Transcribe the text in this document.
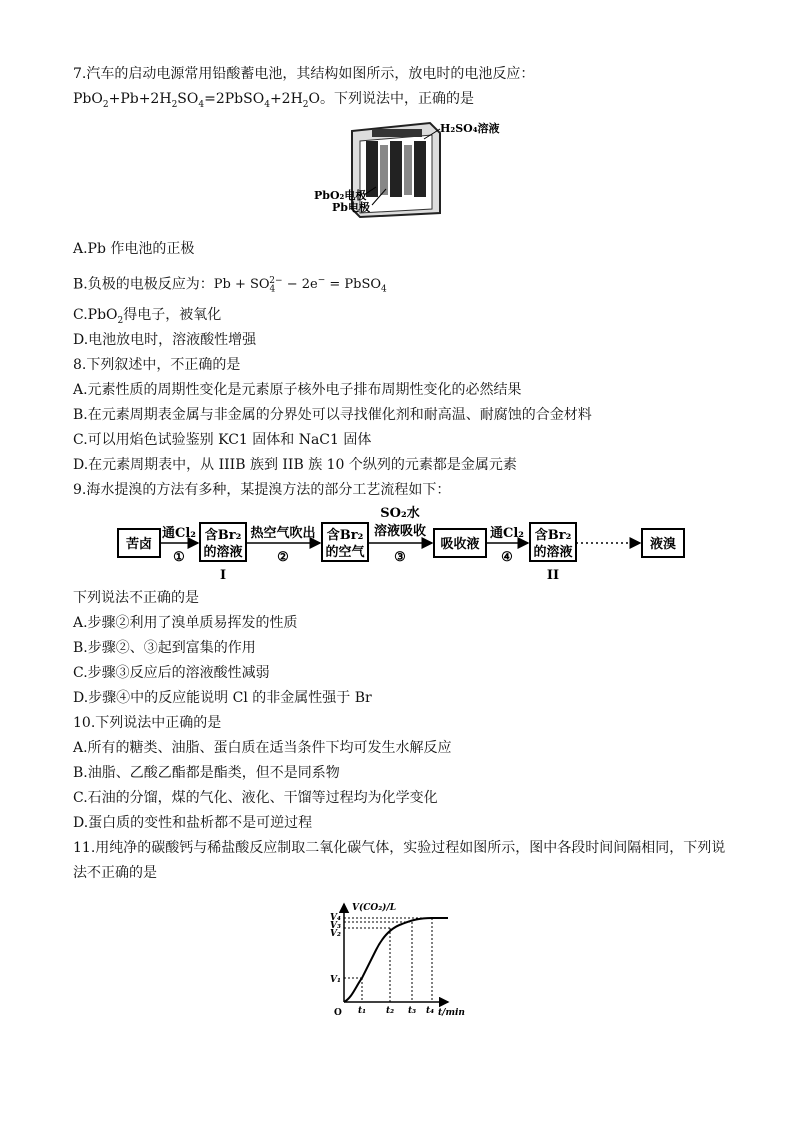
7.汽车的启动电源常用铅酸蓄电池，其结构如图所示，放电时的电池反应：
$PbO_2+Pb+2H_2SO_4=2PbSO_4+2H_2O$。下列说法中，正确的是
H₂SO₄溶液
PbO₂电极
Pb电极
A.Pb 作电池的正极
B.负极的电极反应为：$Pb + SO_4^{2-} - 2e^-$ = PbSO$_4$
C.PbO$_2$得电子，被氧化
D.电池放电时，溶液酸性增强
8.下列叙述中，不正确的是
A.元素性质的周期性变化是元素原子核外电子排布周期性变化的必然结果
B.在元素周期表金属与非金属的分界处可以寻找催化剂和耐高温、耐腐蚀的合金材料
C.可以用焰色试验鉴别 KC1 固体和 NaC1 固体
D.在元素周期表中，从 IIIB 族到 IIB 族 10 个纵列的元素都是金属元素
9.海水提溴的方法有多种，某提溴方法的部分工艺流程如下：
苦卤
通Cl₂
①
含Br₂
的溶液
I
热空气吹出
②
含Br₂
的空气
SO₂水
溶液吸收
③
吸收液
通Cl₂
④
含Br₂
的溶液
II
液溴
下列说法不正确的是
A.步骤②利用了溴单质易挥发的性质
B.步骤②、③起到富集的作用
C.步骤③反应后的溶液酸性减弱
D.步骤④中的反应能说明 Cl 的非金属性强于 Br
10.下列说法中正确的是
A.所有的糖类、油脂、蛋白质在适当条件下均可发生水解反应
B.油脂、乙酸乙酯都是酯类，但不是同系物
C.石油的分馏，煤的气化、液化、干馏等过程均为化学变化
D.蛋白质的变性和盐析都不是可逆过程
11.用纯净的碳酸钙与稀盐酸反应制取二氧化碳气体，实验过程如图所示，图中各段时间间隔相同，下列说
法不正确的是
V(CO₂)/L
t/min
O
V₄
V₃
V₂
V₁
t₁ t₂ t₃ t₄
